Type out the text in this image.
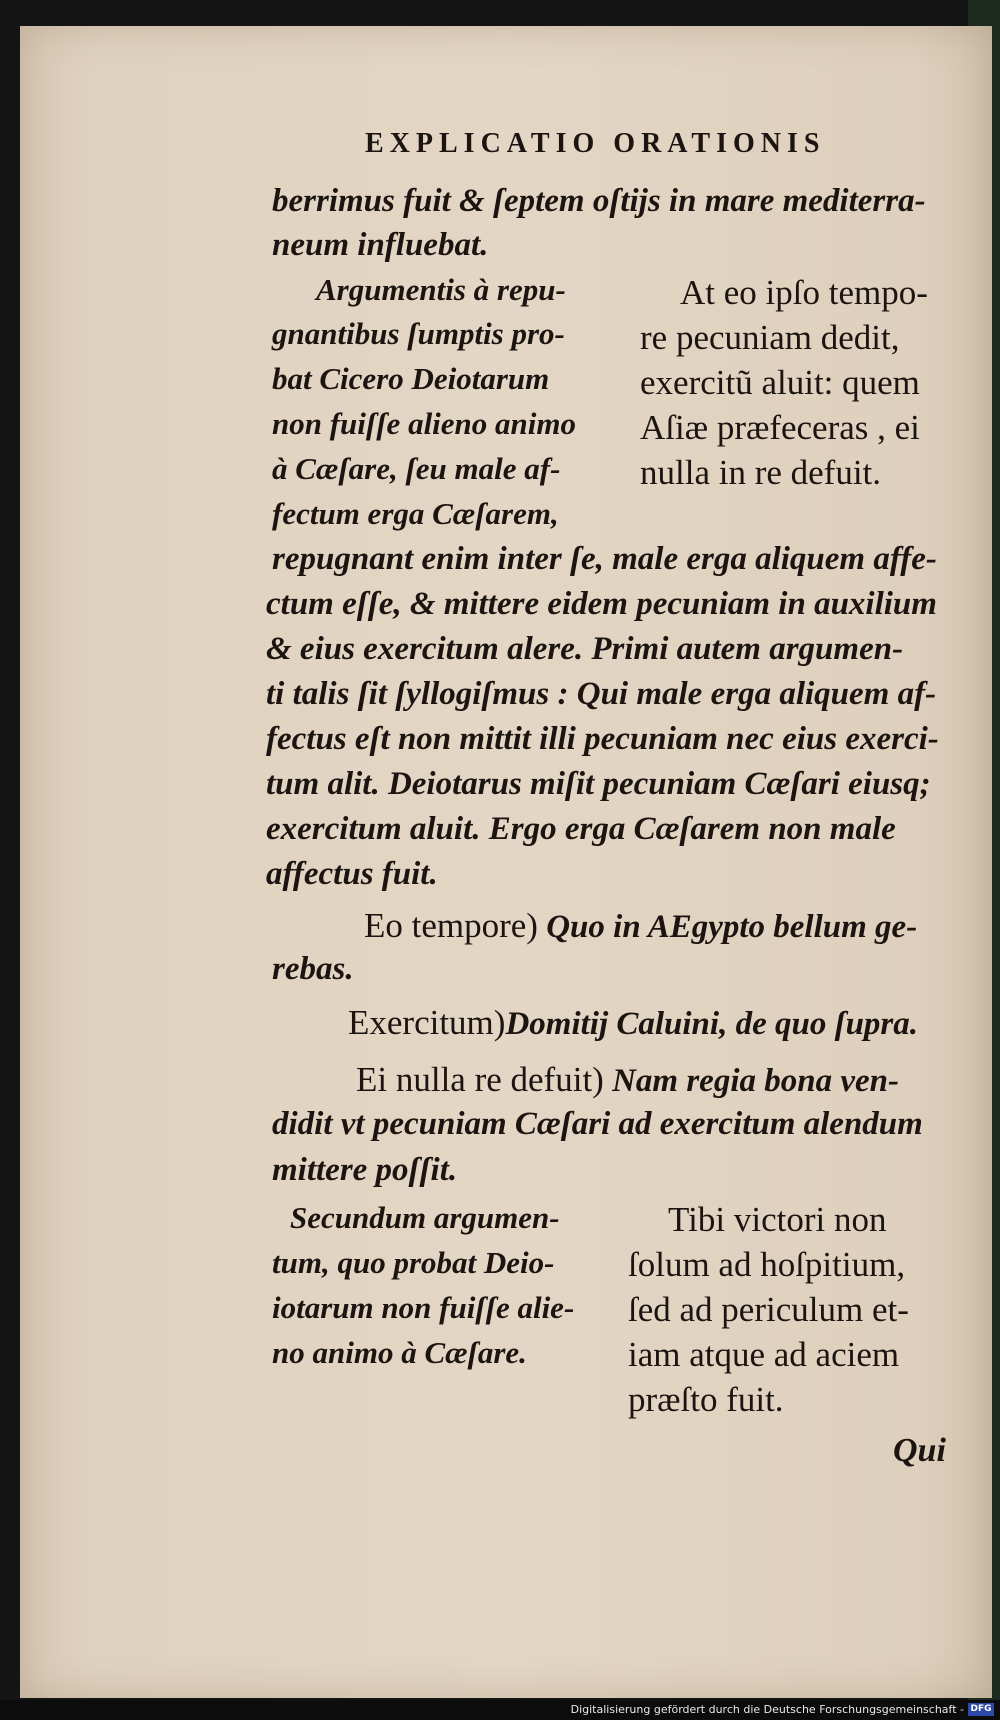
EXPLICATIO ORATIONIS
berrimus fuit & ſeptem oſtijs in mare mediterra-
neum influebat.
Argumentis à repu-
gnantibus ſumptis pro-
bat Cicero Deiotarum
non fuiſſe alieno animo
à Cæſare, ſeu male af-
fectum erga Cæſarem,
At eo ipſo tempo-
re pecuniam dedit,
exercitũ aluit: quem
Aſiæ præfeceras , ei
nulla in re defuit.
repugnant enim inter ſe, male erga aliquem affe-
ctum eſſe, & mittere eidem pecuniam in auxilium
& eius exercitum alere. Primi autem argumen-
ti talis ſit ſyllogiſmus : Qui male erga aliquem af-
fectus eſt non mittit illi pecuniam nec eius exerci-
tum alit. Deiotarus miſit pecuniam Cæſari eiusq;
exercitum aluit. Ergo erga Cæſarem non male
affectus fuit.
Eo tempore) Quo in AEgypto bellum ge-
rebas.
Exercitum)Domitij Caluini, de quo ſupra.
Ei nulla re defuit) Nam regia bona ven-
didit vt pecuniam Cæſari ad exercitum alendum
mittere poſſit.
Secundum argumen-
tum, quo probat Deio-
iotarum non fuiſſe alie-
no animo à Cæſare.
Tibi victori non
ſolum ad hoſpitium,
ſed ad periculum et-
iam atque ad aciem
præſto fuit.
Qui
Digitalisierung gefördert durch die Deutsche Forschungsgemeinschaft - DFG
